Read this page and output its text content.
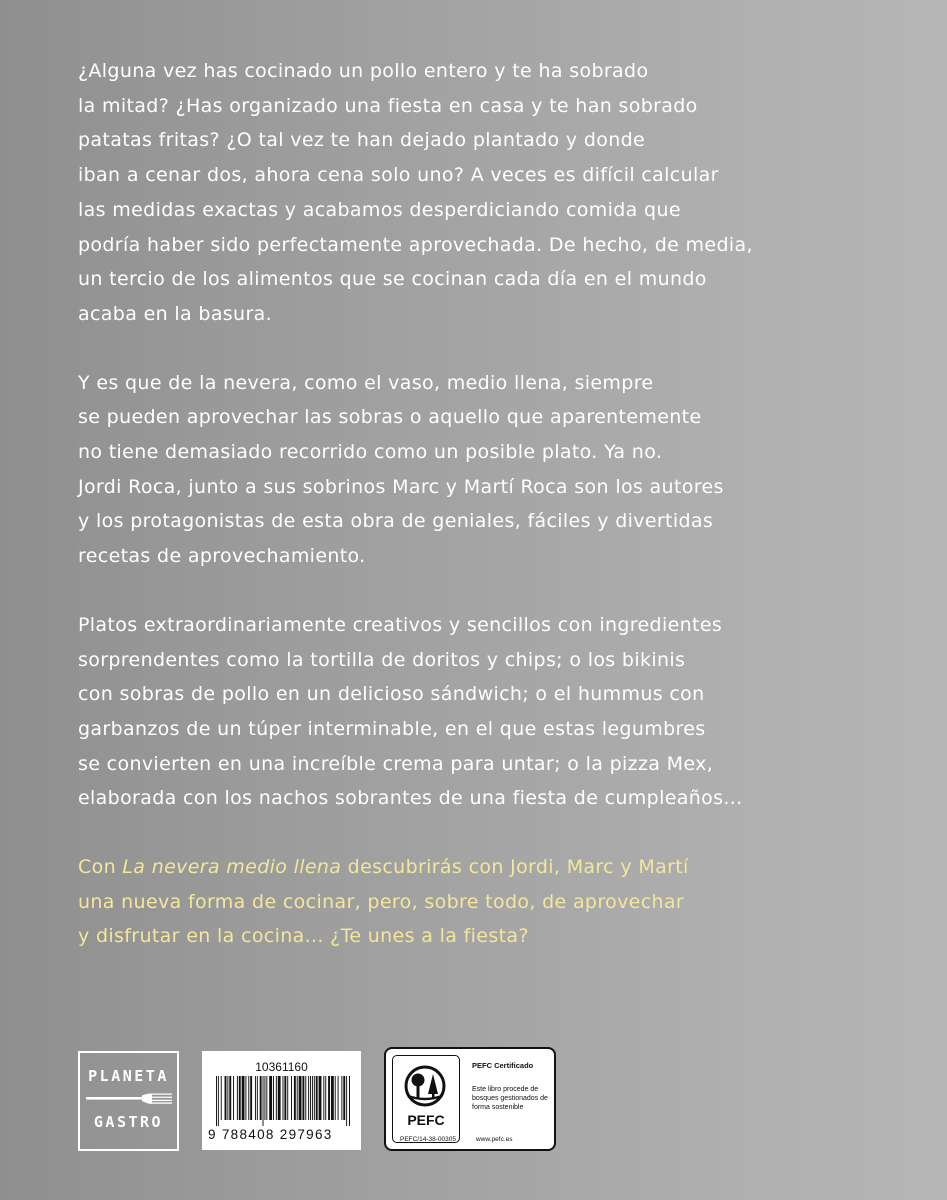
¿Alguna vez has cocinado un pollo entero y te ha sobrado
la mitad? ¿Has organizado una fiesta en casa y te han sobrado
patatas fritas? ¿O tal vez te han dejado plantado y donde
iban a cenar dos, ahora cena solo uno? A veces es difícil calcular
las medidas exactas y acabamos desperdiciando comida que
podría haber sido perfectamente aprovechada. De hecho, de media,
un tercio de los alimentos que se cocinan cada día en el mundo
acaba en la basura.

Y es que de la nevera, como el vaso, medio llena, siempre
se pueden aprovechar las sobras o aquello que aparentemente
no tiene demasiado recorrido como un posible plato. Ya no.
Jordi Roca, junto a sus sobrinos Marc y Martí Roca son los autores
y los protagonistas de esta obra de geniales, fáciles y divertidas
recetas de aprovechamiento.

Platos extraordinariamente creativos y sencillos con ingredientes
sorprendentes como la tortilla de doritos y chips; o los bikinis
con sobras de pollo en un delicioso sándwich; o el hummus con
garbanzos de un túper interminable, en el que estas legumbres
se convierten en una increíble crema para untar; o la pizza Mex,
elaborada con los nachos sobrantes de una fiesta de cumpleaños...

Con La nevera medio llena descubrirás con Jordi, Marc y Martí
una nueva forma de cocinar, pero, sobre todo, de aprovechar
y disfrutar en la cocina... ¿Te unes a la fiesta?

PLANETA
GASTRO
10361160
9 788408 297963
PEFC
PEFC Certificado
Este libro procede de bosques gestionados de forma sostenible
PEFC/14-38-00305	www.pefc.es
